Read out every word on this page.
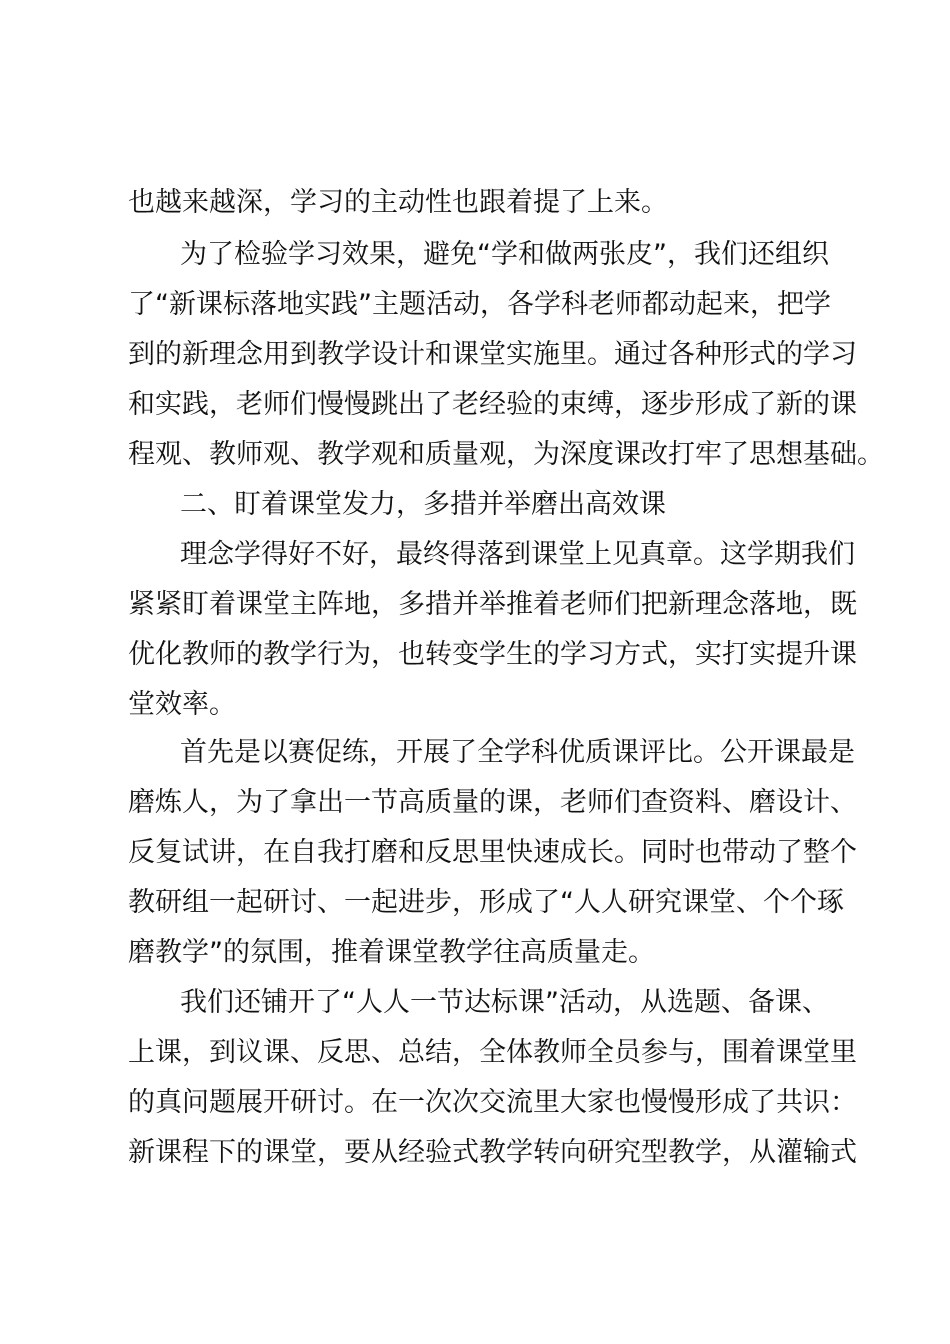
也越来越深，学习的主动性也跟着提了上来。
为了检验学习效果，避免“学和做两张皮”，我们还组织
了“新课标落地实践”主题活动，各学科老师都动起来，把学
到的新理念用到教学设计和课堂实施里。通过各种形式的学习
和实践，老师们慢慢跳出了老经验的束缚，逐步形成了新的课
程观、教师观、教学观和质量观，为深度课改打牢了思想基础。
二、盯着课堂发力，多措并举磨出高效课
理念学得好不好，最终得落到课堂上见真章。这学期我们
紧紧盯着课堂主阵地，多措并举推着老师们把新理念落地，既
优化教师的教学行为，也转变学生的学习方式，实打实提升课
堂效率。
首先是以赛促练，开展了全学科优质课评比。公开课最是
磨炼人，为了拿出一节高质量的课，老师们查资料、磨设计、
反复试讲，在自我打磨和反思里快速成长。同时也带动了整个
教研组一起研讨、一起进步，形成了“人人研究课堂、个个琢
磨教学”的氛围，推着课堂教学往高质量走。
我们还铺开了“人人一节达标课”活动，从选题、备课、
上课，到议课、反思、总结，全体教师全员参与，围着课堂里
的真问题展开研讨。在一次次交流里大家也慢慢形成了共识：
新课程下的课堂，要从经验式教学转向研究型教学，从灌输式
